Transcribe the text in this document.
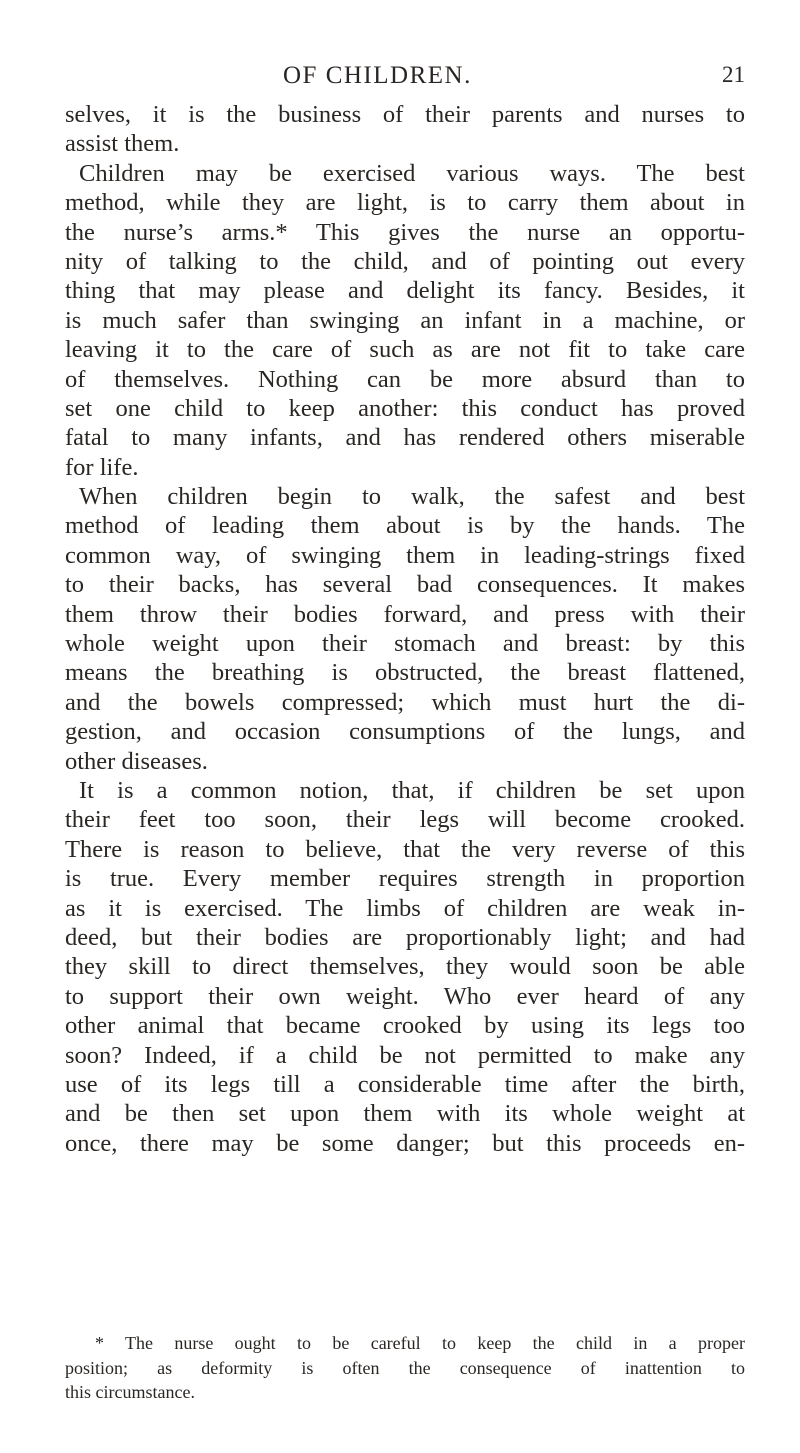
OF CHILDREN.	21
selves, it is the business of their parents and nurses to
assist them.
Children may be exercised various ways. The best
method, while they are light, is to carry them about in
the nurse’s arms.* This gives the nurse an opportu-
nity of talking to the child, and of pointing out every
thing that may please and delight its fancy. Besides, it
is much safer than swinging an infant in a machine, or
leaving it to the care of such as are not fit to take care
of themselves. Nothing can be more absurd than to
set one child to keep another: this conduct has proved
fatal to many infants, and has rendered others miserable
for life.
When children begin to walk, the safest and best
method of leading them about is by the hands. The
common way, of swinging them in leading-strings fixed
to their backs, has several bad consequences. It makes
them throw their bodies forward, and press with their
whole weight upon their stomach and breast: by this
means the breathing is obstructed, the breast flattened,
and the bowels compressed; which must hurt the di-
gestion, and occasion consumptions of the lungs, and
other diseases.
It is a common notion, that, if children be set upon
their feet too soon, their legs will become crooked.
There is reason to believe, that the very reverse of this
is true. Every member requires strength in proportion
as it is exercised. The limbs of children are weak in-
deed, but their bodies are proportionably light; and had
they skill to direct themselves, they would soon be able
to support their own weight. Who ever heard of any
other animal that became crooked by using its legs too
soon? Indeed, if a child be not permitted to make any
use of its legs till a considerable time after the birth,
and be then set upon them with its whole weight at
once, there may be some danger; but this proceeds en-
* The nurse ought to be careful to keep the child in a proper
position; as deformity is often the consequence of inattention to
this circumstance.
